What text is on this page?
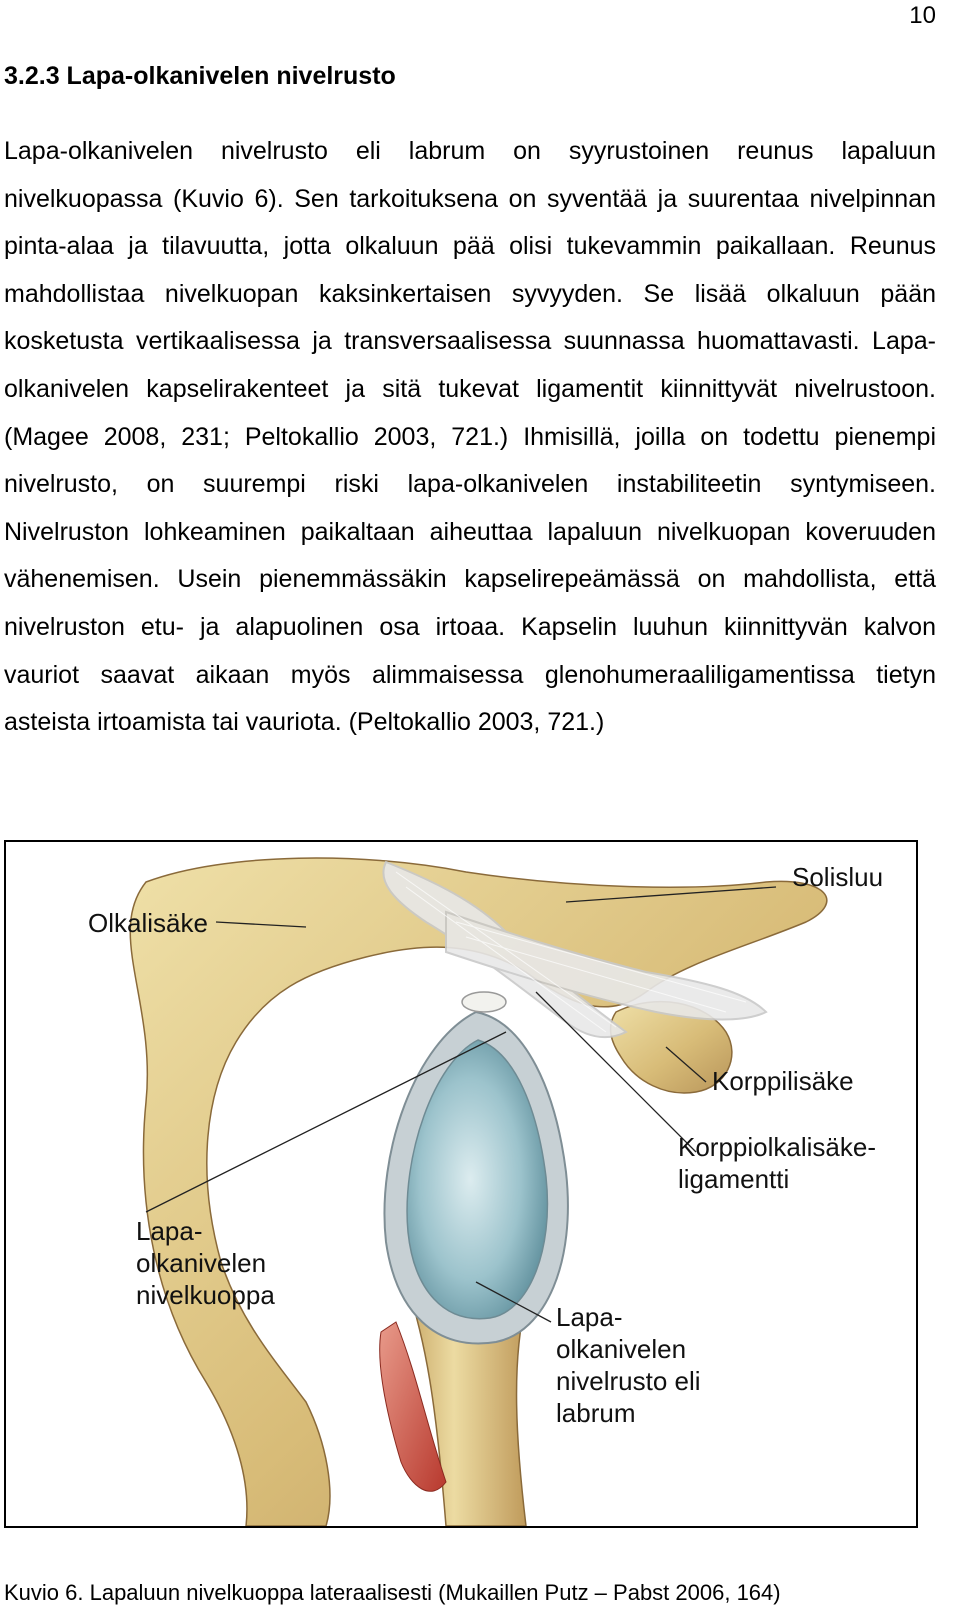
10
3.2.3 Lapa-olkanivelen nivelrusto

Lapa-olkanivelen nivelrusto eli labrum on syyrustoinen reunus lapaluun nivelkuopassa (Kuvio 6). Sen tarkoituksena on syventää ja suurentaa nivelpinnan pinta-alaa ja tilavuutta, jotta olkaluun pää olisi tukevammin paikallaan. Reunus mahdollistaa nivelkuopan kaksinkertaisen syvyyden. Se lisää olkaluun pään kosketusta vertikaalisessa ja transversaalisessa suunnassa huomattavasti. Lapa-olkanivelen kapselirakenteet ja sitä tukevat ligamentit kiinnittyvät nivelrustoon. (Magee 2008, 231; Peltokallio 2003, 721.) Ihmisillä, joilla on todettu pienempi nivelrusto, on suurempi riski lapa-olkanivelen instabiliteetin syntymiseen. Nivelruston lohkeaminen paikaltaan aiheuttaa lapaluun nivelkuopan koveruuden vähenemisen. Usein pienemmässäkin kapselirepeämässä on mahdollista, että nivelruston etu- ja alapuolinen osa irtoaa. Kapselin luuhun kiinnittyvän kalvon vauriot saavat aikaan myös alimmaisessa glenohumeraaliligamentissa tietyn asteista irtoamista tai vauriota. (Peltokallio 2003, 721.)

Solisluu
Olkalisäke
Korppilisäke
Korppiolkalisäke-
ligamentti
Lapa-
olkanivelen
nivelkuoppa
Lapa-
olkanivelen
nivelrusto eli
labrum

Kuvio 6. Lapaluun nivelkuoppa lateraalisesti (Mukaillen Putz – Pabst 2006, 164)
